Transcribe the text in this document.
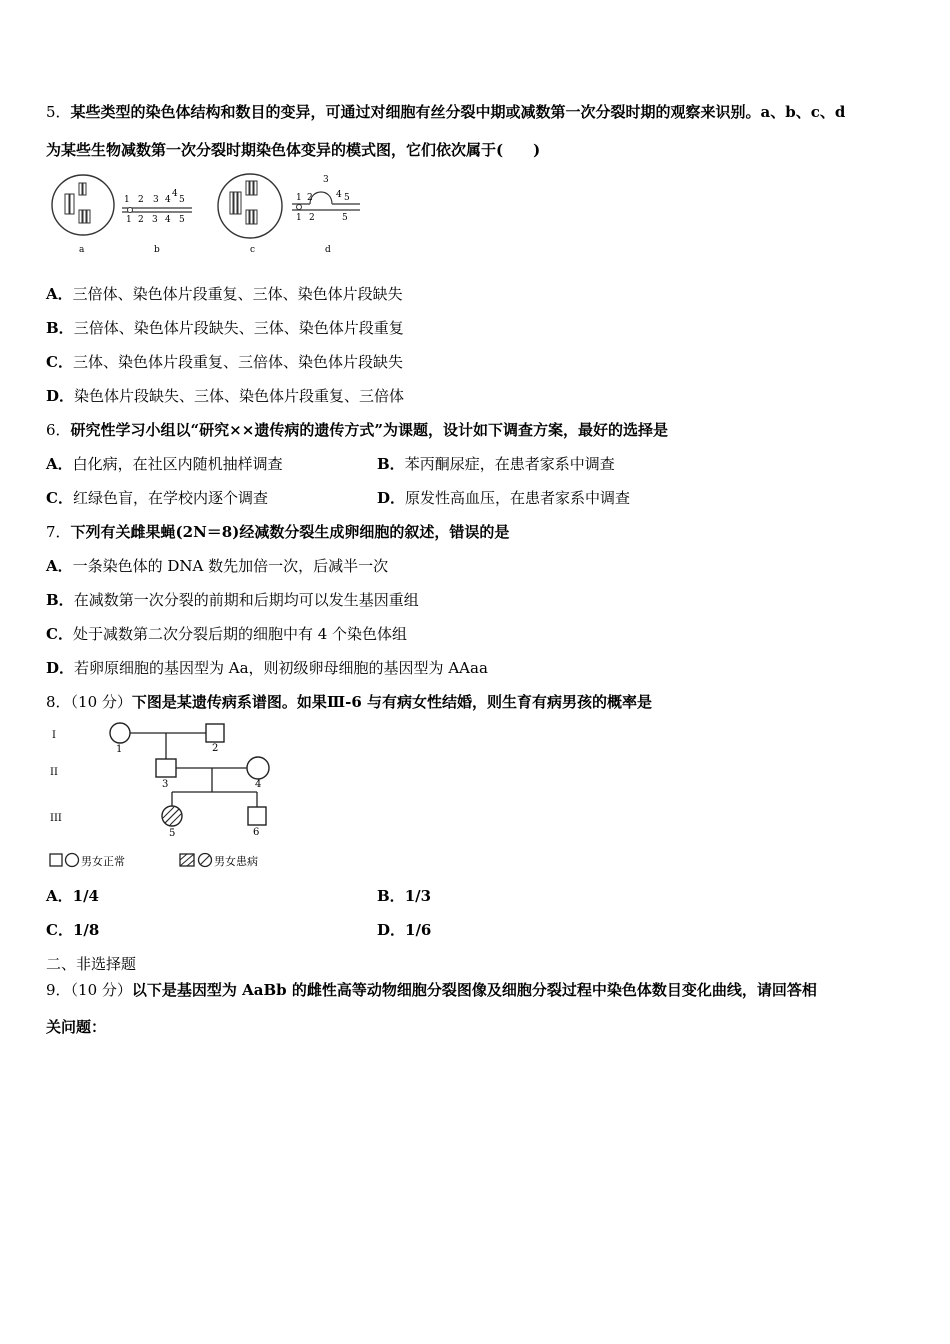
5．某些类型的染色体结构和数目的变异，可通过对细胞有丝分裂中期或减数第一次分裂时期的观察来识别。a、b、c、d
为某些生物减数第一次分裂时期染色体变异的模式图，它们依次属于(　　)
1 2 3 4
4
5
1 2 3 4 5
1 2
3
4 5
1 2	5
a	b	c	d
A．三倍体、染色体片段重复、三体、染色体片段缺失
B．三倍体、染色体片段缺失、三体、染色体片段重复
C．三体、染色体片段重复、三倍体、染色体片段缺失
D．染色体片段缺失、三体、染色体片段重复、三倍体
6．研究性学习小组以“研究××遗传病的遗传方式”为课题，设计如下调查方案，最好的选择是
A．白化病，在社区内随机抽样调查	B．苯丙酮尿症，在患者家系中调查
C．红绿色盲，在学校内逐个调查	D．原发性高血压，在患者家系中调查
7．下列有关雌果蝇(2N＝8)经减数分裂生成卵细胞的叙述，错误的是
A．一条染色体的 DNA 数先加倍一次，后减半一次
B．在减数第一次分裂的前期和后期均可以发生基因重组
C．处于减数第二次分裂后期的细胞中有 4 个染色体组
D．若卵原细胞的基因型为 Aa，则初级卵母细胞的基因型为 AAaa
8．（10 分）下图是某遗传病系谱图。如果Ⅲ-6 与有病女性结婚，则生育有病男孩的概率是
I
II
III
1	2
3	4
5	6
男女正常	男女患病
A．1/4	B．1/3
C．1/8	D．1/6
二、非选择题
9．（10 分）以下是基因型为 AaBb 的雌性高等动物细胞分裂图像及细胞分裂过程中染色体数目变化曲线，请回答相
关问题：
